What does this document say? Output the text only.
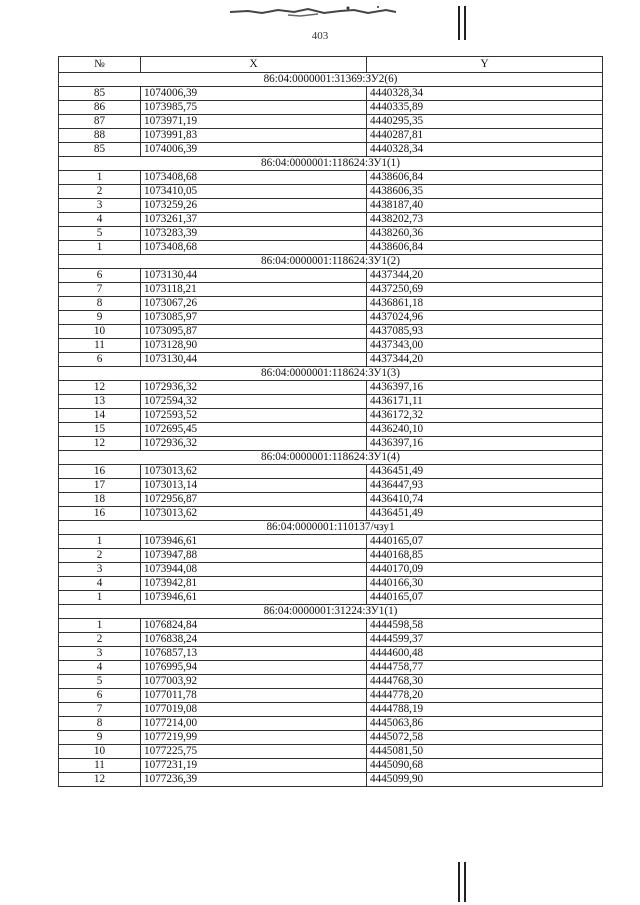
403
№	X	Y
86:04:0000001:31369:ЗУ2(6)		
85	1074006,39	4440328,34
86	1073985,75	4440335,89
87	1073971,19	4440295,35
88	1073991,83	4440287,81
85	1074006,39	4440328,34
86:04:0000001:118624:ЗУ1(1)		
1	1073408,68	4438606,84
2	1073410,05	4438606,35
3	1073259,26	4438187,40
4	1073261,37	4438202,73
5	1073283,39	4438260,36
1	1073408,68	4438606,84
86:04:0000001:118624:ЗУ1(2)		
6	1073130,44	4437344,20
7	1073118,21	4437250,69
8	1073067,26	4436861,18
9	1073085,97	4437024,96
10	1073095,87	4437085,93
11	1073128,90	4437343,00
6	1073130,44	4437344,20
86:04:0000001:118624:ЗУ1(3)		
12	1072936,32	4436397,16
13	1072594,32	4436171,11
14	1072593,52	4436172,32
15	1072695,45	4436240,10
12	1072936,32	4436397,16
86:04:0000001:118624:ЗУ1(4)		
16	1073013,62	4436451,49
17	1073013,14	4436447,93
18	1072956,87	4436410,74
16	1073013,62	4436451,49
86:04:0000001:110137/чзу1		
1	1073946,61	4440165,07
2	1073947,88	4440168,85
3	1073944,08	4440170,09
4	1073942,81	4440166,30
1	1073946,61	4440165,07
86:04:0000001:31224:ЗУ1(1)		
1	1076824,84	4444598,58
2	1076838,24	4444599,37
3	1076857,13	4444600,48
4	1076995,94	4444758,77
5	1077003,92	4444768,30
6	1077011,78	4444778,20
7	1077019,08	4444788,19
8	1077214,00	4445063,86
9	1077219,99	4445072,58
10	1077225,75	4445081,50
11	1077231,19	4445090,68
12	1077236,39	4445099,90
